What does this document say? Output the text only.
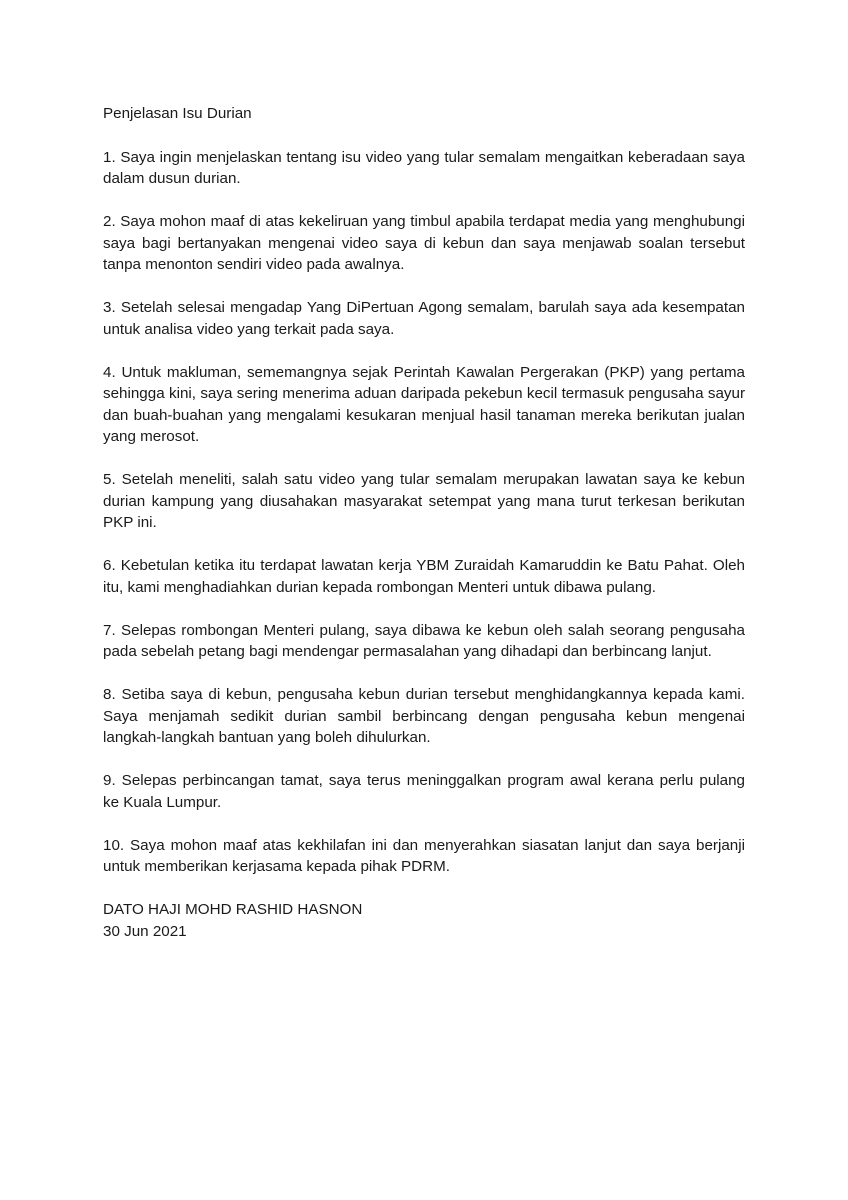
Penjelasan Isu Durian

1. Saya ingin menjelaskan tentang isu video yang tular semalam mengaitkan keberadaan saya dalam dusun durian.

2. Saya mohon maaf di atas kekeliruan yang timbul apabila terdapat media yang menghubungi saya bagi bertanyakan mengenai video saya di kebun dan saya menjawab soalan tersebut tanpa menonton sendiri video pada awalnya.

3. Setelah selesai mengadap Yang DiPertuan Agong semalam, barulah saya ada kesempatan untuk analisa video yang terkait pada saya.

4. Untuk makluman, sememangnya sejak Perintah Kawalan Pergerakan (PKP) yang pertama sehingga kini, saya sering menerima aduan daripada pekebun kecil termasuk pengusaha sayur dan buah-buahan yang mengalami kesukaran menjual hasil tanaman mereka berikutan jualan yang merosot.

5. Setelah meneliti, salah satu video yang tular semalam merupakan lawatan saya ke kebun durian kampung yang diusahakan masyarakat setempat yang mana turut terkesan berikutan PKP ini.

6. Kebetulan ketika itu terdapat lawatan kerja YBM Zuraidah Kamaruddin ke Batu Pahat. Oleh itu, kami menghadiahkan durian kepada rombongan Menteri untuk dibawa pulang.

7. Selepas rombongan Menteri pulang, saya dibawa ke kebun oleh salah seorang pengusaha pada sebelah petang bagi mendengar permasalahan yang dihadapi dan berbincang lanjut.

8. Setiba saya di kebun, pengusaha kebun durian tersebut menghidangkannya kepada kami. Saya menjamah sedikit durian sambil berbincang dengan pengusaha kebun mengenai langkah-langkah bantuan yang boleh dihulurkan.

9. Selepas perbincangan tamat, saya terus meninggalkan program awal kerana perlu pulang ke Kuala Lumpur.

10. Saya mohon maaf atas kekhilafan ini dan menyerahkan siasatan lanjut dan saya berjanji untuk memberikan kerjasama kepada pihak PDRM.

DATO HAJI MOHD RASHID HASNON
30 Jun 2021
